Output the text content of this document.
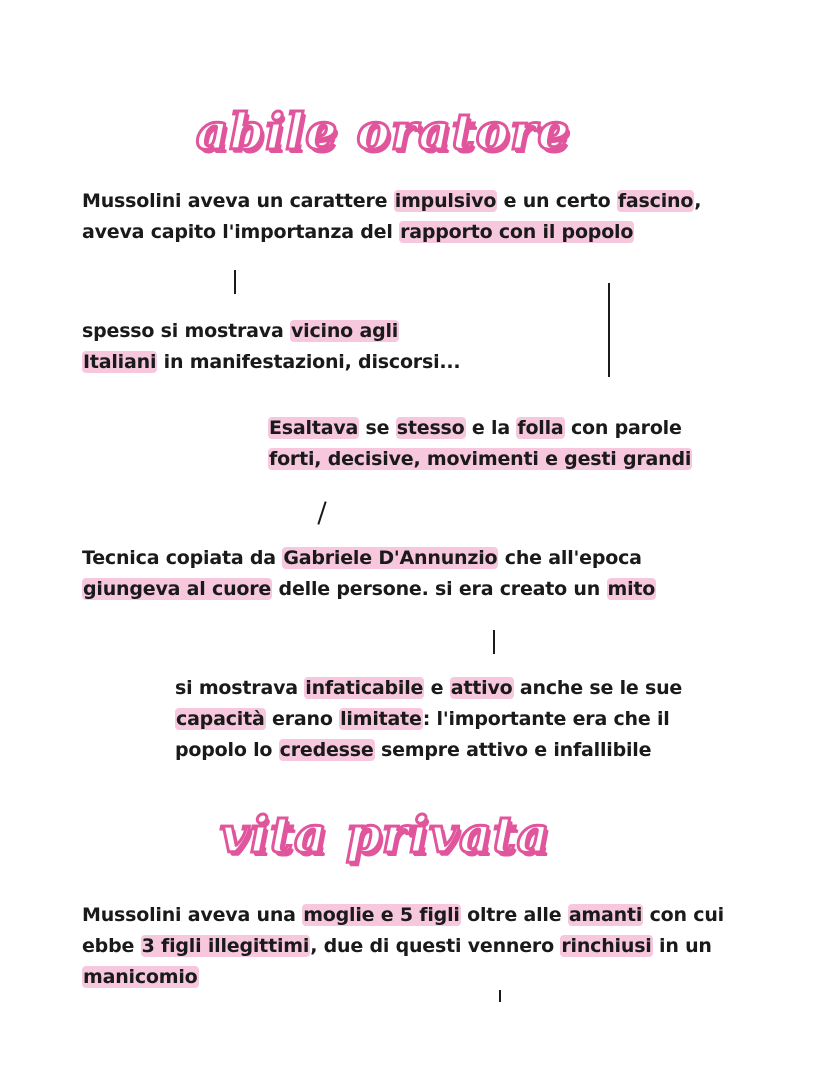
abile oratore
Mussolini aveva un carattere impulsivo e un certo fascino,
aveva capito l'importanza del rapporto con il popolo
spesso si mostrava vicino agli
Italiani in manifestazioni, discorsi...
Esaltava se stesso e la folla con parole
forti, decisive, movimenti e gesti grandi
Tecnica copiata da Gabriele D'Annunzio che all'epoca
giungeva al cuore delle persone. si era creato un mito
si mostrava infaticabile e attivo anche se le sue
capacità erano limitate: l'importante era che il
popolo lo credesse sempre attivo e infallibile
vita privata
Mussolini aveva una moglie e 5 figli oltre alle amanti con cui
ebbe 3 figli illegittimi, due di questi vennero rinchiusi in un
manicomio
